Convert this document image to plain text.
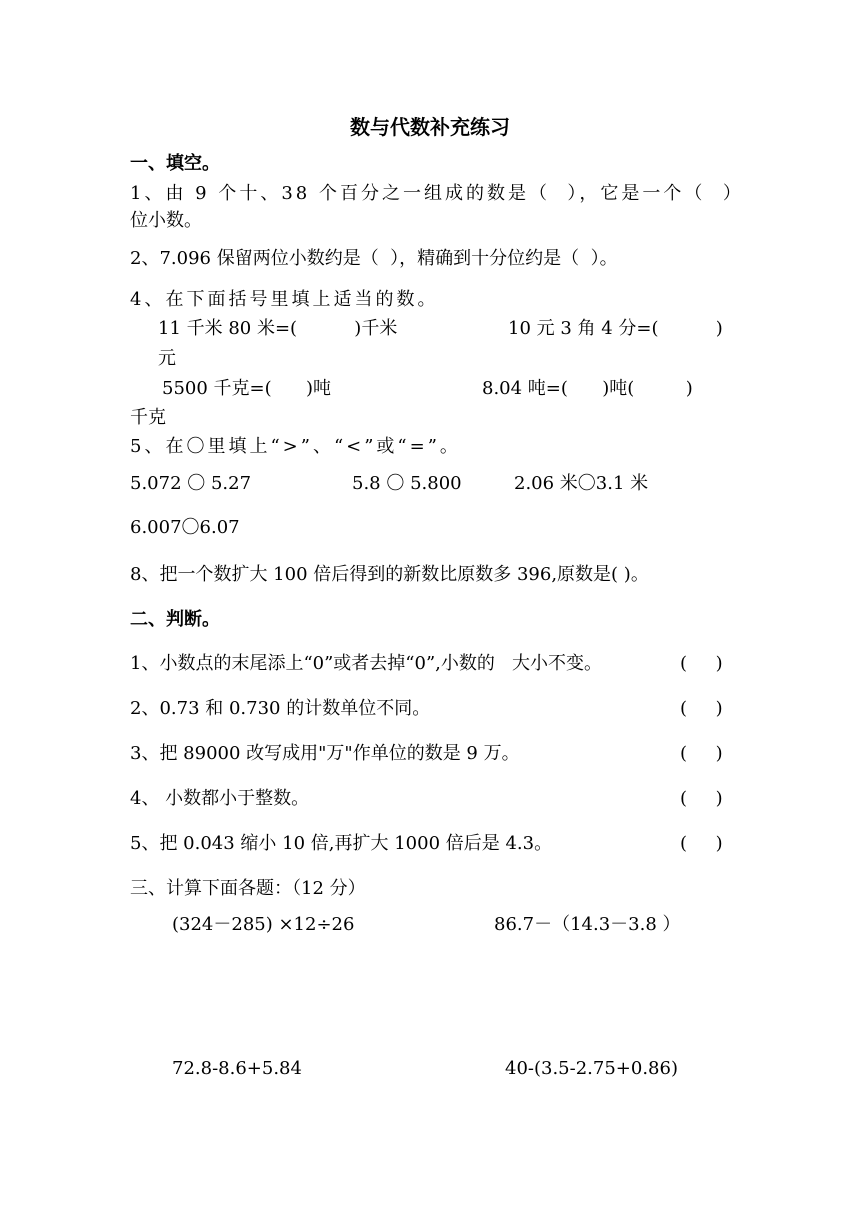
数与代数补充练习
一、填空。
1、由 9 个十、38 个百分之一组成的数是（  ），它是一个（  ）
位小数。
2、7.096 保留两位小数约是（  ），精确到十分位约是（  ）。
4、在下面括号里填上适当的数。
11 千米 80 米=(          )千米	10 元 3 角 4 分=(          )
元
5500 千克=(      )吨	8.04 吨=(      )吨(         )
千克
5、在〇里填上“>”、“<”或“=”。
5.072 〇 5.27	5.8 〇 5.800	2.06 米〇3.1 米
6.007〇6.07
8、把一个数扩大 100 倍后得到的新数比原数多 396,原数是( )。
二、判断。
1、小数点的末尾添上“0”或者去掉“0”,小数的   大小不变。	(     )
2、0.73 和 0.730 的计数单位不同。	(     )
3、把 89000 改写成用"万"作单位的数是 9 万。	(     )
4、 小数都小于整数。	(     )
5、把 0.043 缩小 10 倍,再扩大 1000 倍后是 4.3。	(     )
三、计算下面各题：（12 分）
(324－285) ×12÷26	86.7－（14.3－3.8 ）
72.8-8.6+5.84	40-(3.5-2.75+0.86)
